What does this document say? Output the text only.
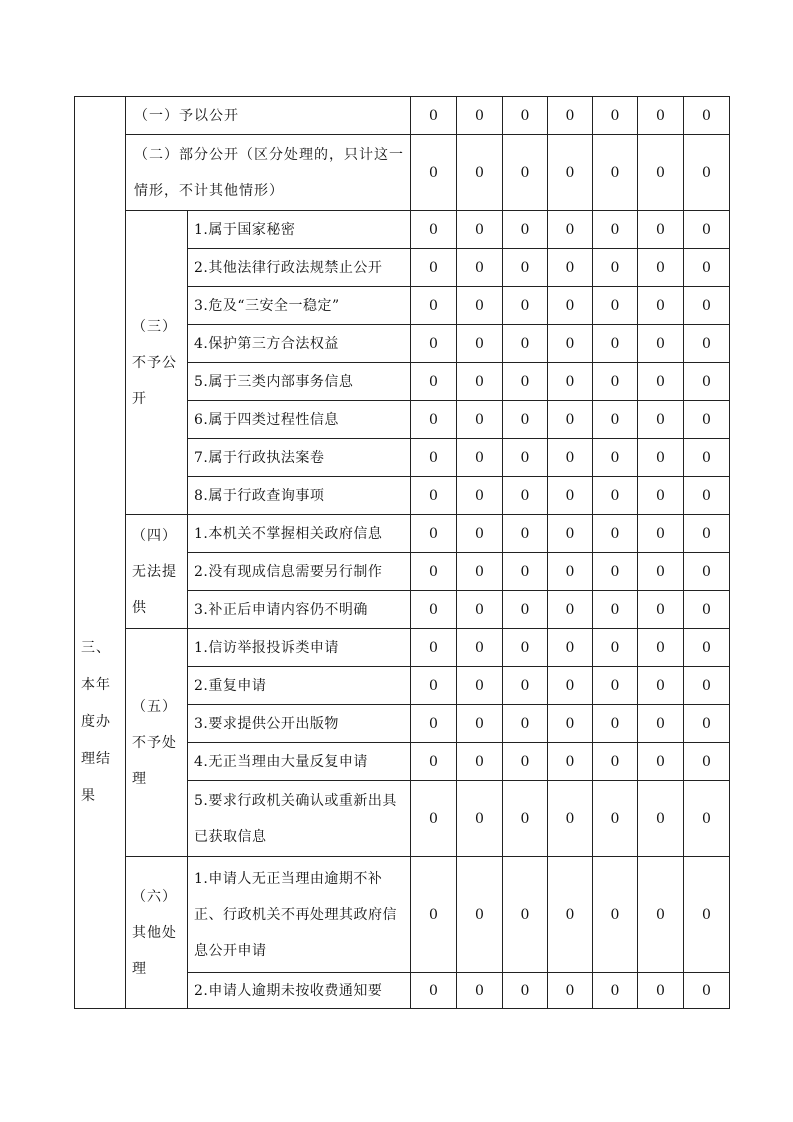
三、本年度办理结果	（一）予以公开		0	0	0	0	0	0	0
	（二）部分公开（区分处理的，只计这一情形，不计其他情形）		0	0	0	0	0	0	0
	（三）不予公开	1.属于国家秘密	0	0	0	0	0	0	0
		2.其他法律行政法规禁止公开	0	0	0	0	0	0	0
		3.危及“三安全一稳定”	0	0	0	0	0	0	0
		4.保护第三方合法权益	0	0	0	0	0	0	0
		5.属于三类内部事务信息	0	0	0	0	0	0	0
		6.属于四类过程性信息	0	0	0	0	0	0	0
		7.属于行政执法案卷	0	0	0	0	0	0	0
		8.属于行政查询事项	0	0	0	0	0	0	0
	（四）无法提供	1.本机关不掌握相关政府信息	0	0	0	0	0	0	0
		2.没有现成信息需要另行制作	0	0	0	0	0	0	0
		3.补正后申请内容仍不明确	0	0	0	0	0	0	0
	（五）不予处理	1.信访举报投诉类申请	0	0	0	0	0	0	0
		2.重复申请	0	0	0	0	0	0	0
		3.要求提供公开出版物	0	0	0	0	0	0	0
		4.无正当理由大量反复申请	0	0	0	0	0	0	0
		5.要求行政机关确认或重新出具已获取信息	0	0	0	0	0	0	0
	（六）其他处理	1.申请人无正当理由逾期不补正、行政机关不再处理其政府信息公开申请	0	0	0	0	0	0	0
		2.申请人逾期未按收费通知要	0	0	0	0	0	0	0
